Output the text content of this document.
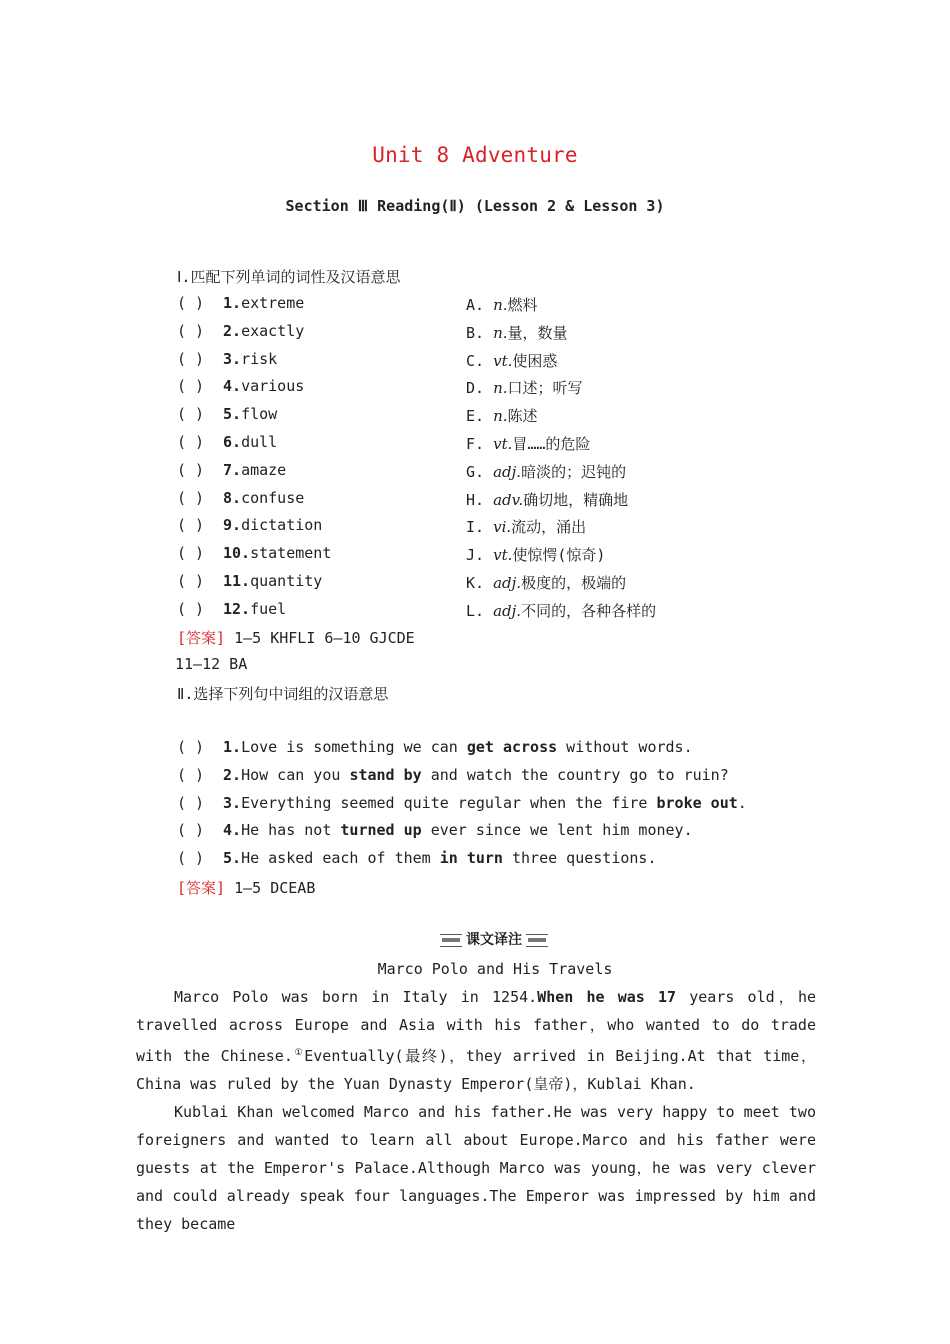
Unit 8 Adventure
Section Ⅲ Reading(Ⅱ) (Lesson 2 & Lesson 3)
Ⅰ.匹配下列单词的词性及汉语意思
( ) 1.extreme
( ) 2.exactly
( ) 3.risk
( ) 4.various
( ) 5.flow
( ) 6.dull
( ) 7.amaze
( ) 8.confuse
( ) 9.dictation
( ) 10.statement
( ) 11.quantity
( ) 12.fuel
A. n.燃料
B. n.量，数量
C. vt.使困惑
D. n.口述；听写
E. n.陈述
F. vt.冒……的危险
G. adj.暗淡的；迟钝的
H. adv.确切地，精确地
I. vi.流动，涌出
J. vt.使惊愕(惊奇)
K. adj.极度的，极端的
L. adj.不同的，各种各样的
[答案] 1—5 KHFLI 6—10 GJCDE
11—12 BA
Ⅱ.选择下列句中词组的汉语意思
( ) 1.Love is something we can get across without words.
( ) 2.How can you stand by and watch the country go to ruin?
( ) 3.Everything seemed quite regular when the fire broke out.
( ) 4.He has not turned up ever since we lent him money.
( ) 5.He asked each of them in turn three questions.
[答案] 1—5 DCEAB
课文译注
Marco Polo and His Travels

Marco Polo was born in Italy in 1254.When he was 17 years old，he travelled across Europe and Asia with his father，who wanted to do trade with the Chinese.①Eventually(最终)，they arrived in Beijing.At that time，China was ruled by the Yuan Dynasty Emperor(皇帝)，Kublai Khan.

Kublai Khan welcomed Marco and his father.He was very happy to meet two foreigners and wanted to learn all about Europe.Marco and his father were guests at the Emperor's Palace.Although Marco was young，he was very clever and could already speak four languages.The Emperor was impressed by him and they became
